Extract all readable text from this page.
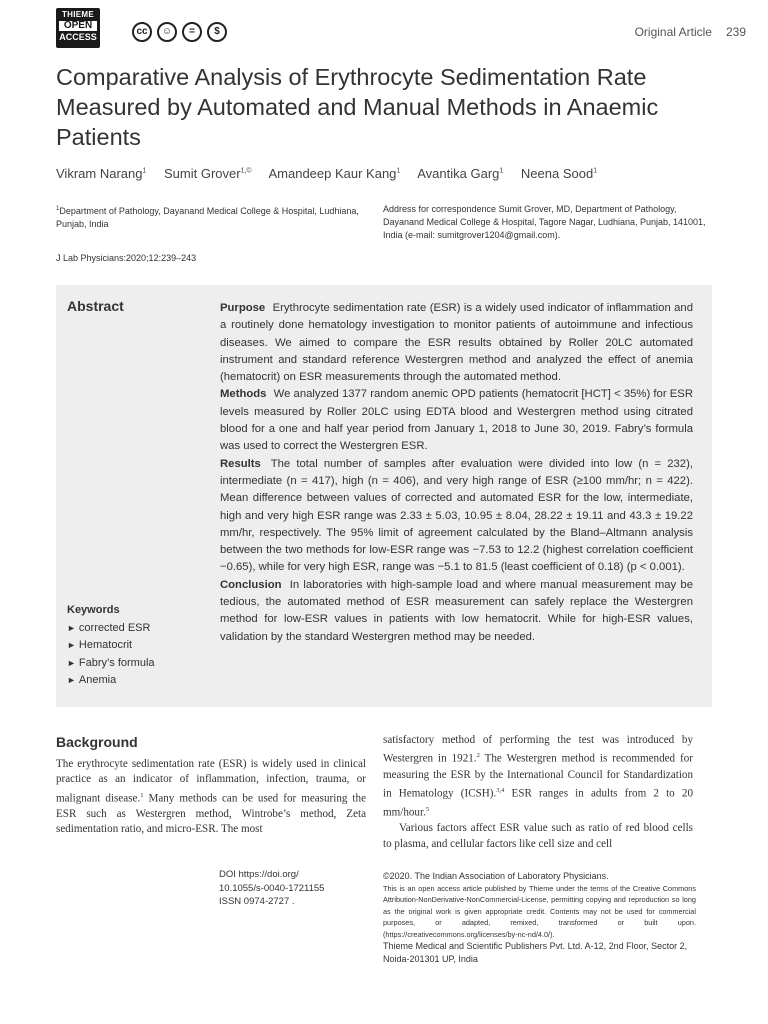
THIEME
OPEN
ACCESS	cc	☺	=	$	Original Article 239
Comparative Analysis of Erythrocyte Sedimentation Rate Measured by Automated and Manual Methods in Anaemic Patients
Vikram Narang$^1$ Sumit Grover$^{1,©}$ Amandeep Kaur Kang$^1$ Avantika Garg$^1$ Neena Sood$^1$
$^1$Department of Pathology, Dayanand Medical College & Hospital, Ludhiana, Punjab, India
Address for correspondence Sumit Grover, MD, Department of Pathology, Dayanand Medical College & Hospital, Tagore Nagar, Ludhiana, Punjab, 141001, India (e-mail: sumitgrover1204@gmail.com).
J Lab Physicians:2020;12:239–243
Abstract	Purpose Erythrocyte sedimentation rate (ESR) is a widely used indicator of inflammation and a routinely done hematology investigation to monitor patients of autoimmune and infectious diseases. We aimed to compare the ESR results obtained by Roller 20LC automated instrument and standard reference Westergren method and analyzed the effect of anemia (hematocrit) on ESR measurements through the automated method.

Methods We analyzed 1377 random anemic OPD patients (hematocrit [HCT] < 35%) for ESR levels measured by Roller 20LC using EDTA blood and Westergren method using citrated blood for a one and half year period from January 1, 2018 to June 30, 2019. Fabry’s formula was used to correct the Westergren ESR.

Results The total number of samples after evaluation were divided into low (n = 232), intermediate (n = 417), high (n = 406), and very high range of ESR (≥100 mm/hr; n = 422). Mean difference between values of corrected and automated ESR for the low, intermediate, high and very high ESR range was 2.33 ± 5.03, 10.95 ± 8.04, 28.22 ± 19.11 and 43.3 ± 19.22 mm/hr, respectively. The 95% limit of agreement calculated by the Bland–Altmann analysis between the two methods for low-ESR range was −7.53 to 12.2 (highest correlation coefficient −0.65), while for very high ESR, range was −5.1 to 81.5 (least coefficient of 0.18) (p < 0.001).

Conclusion In laboratories with high-sample load and where manual measurement may be tedious, the automated method of ESR measurement can safely replace the Westergren method for low-ESR values in patients with low hematocrit. While for high-ESR values, validation by the standard Westergren method may be needed.

Keywords
► corrected ESR
► Hematocrit
► Fabry’s formula
► Anemia
Background

The erythrocyte sedimentation rate (ESR) is widely used in clinical practice as an indicator of inflammation, infection, trauma, or malignant disease.$^1$ Many methods can be used for measuring the ESR such as Westergren method, Wintrobe’s method, Zeta sedimentation ratio, and micro-ESR. The most

satisfactory method of performing the test was introduced by Westergren in 1921.$^2$ The Westergren method is recommended for measuring the ESR by the International Council for Standardization in Hematology (ICSH).$^{3,4}$ ESR ranges in adults from 2 to 20 mm/hour.$^5$

Various factors affect ESR value such as ratio of red blood cells to plasma, and cellular factors like cell size and cell

DOI https://doi.org/
10.1055/s-0040-1721155
ISSN 0974-2727 .
©2020. The Indian Association of Laboratory Physicians.
This is an open access article published by Thieme under the terms of the Creative Commons Attribution-NonDerivative-NonCommercial-License, permitting copying and reproduction so long as the original work is given appropriate credit. Contents may not be used for commercial purposes, or adapted, remixed, transformed or built upon. (https://creativecommons.org/licenses/by-nc-nd/4.0/).
Thieme Medical and Scientific Publishers Pvt. Ltd. A-12, 2nd Floor, Sector 2, Noida-201301 UP, India
